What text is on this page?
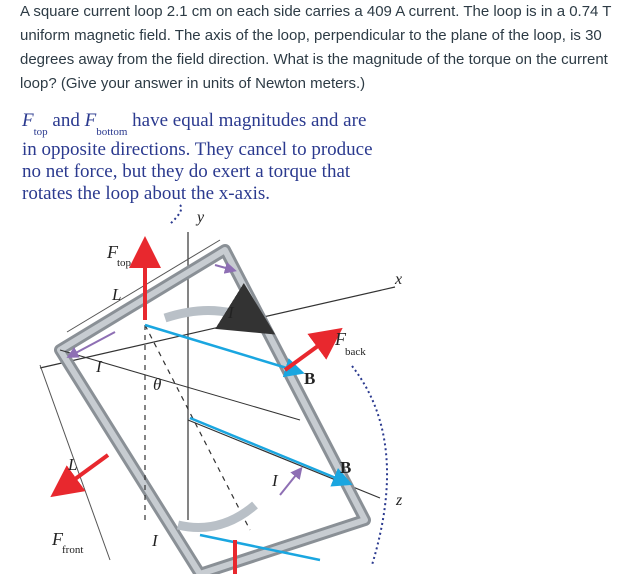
A square current loop 2.1 cm on each side carries a 409 A current. The loop is in a 0.74 T uniform magnetic field. The axis of the loop, perpendicular to the plane of the loop, is 30 degrees away from the field direction. What is the magnitude of the torque on the current loop? (Give your answer in units of Newton meters.)

$F_{top}$ and $F_{bottom}$ have equal magnitudes and are
in opposite directions. They cancel to produce
no net force, but they do exert a torque that
rotates the loop about the x-axis.
y
x
z
F
top
F
back
F
front
L
L
I
I
I
I
θ	B
B
